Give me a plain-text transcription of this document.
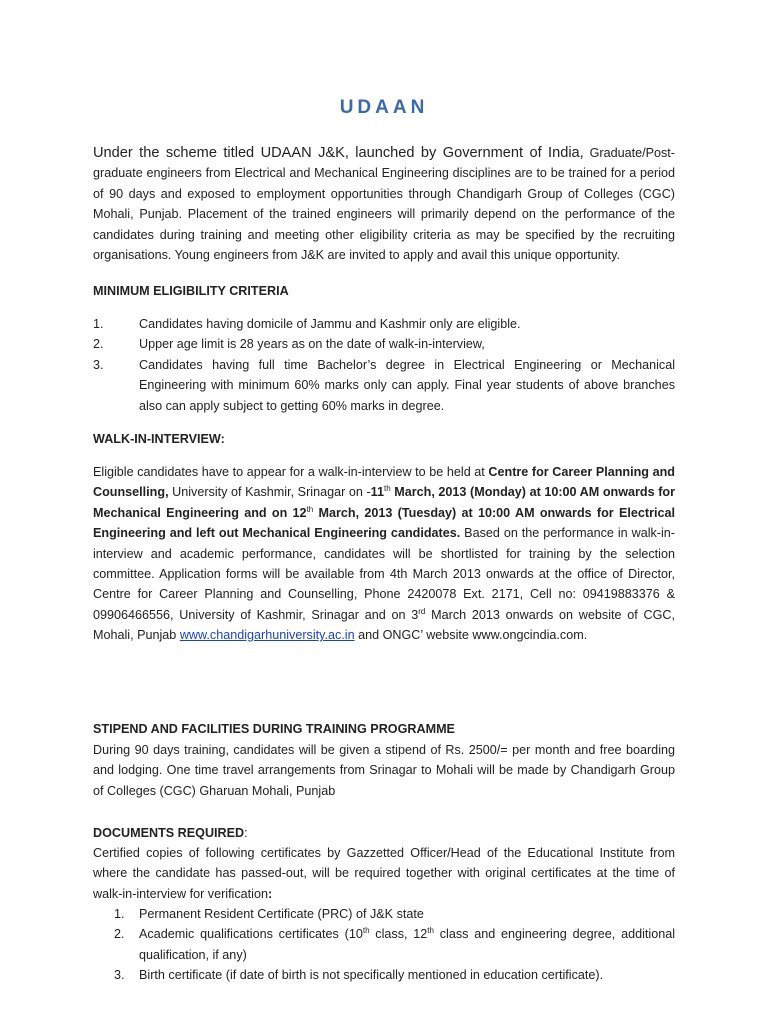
UDAAN

Under the scheme titled UDAAN J&K, launched by Government of India, Graduate/Post-graduate engineers from Electrical and Mechanical Engineering disciplines are to be trained for a period of 90 days and exposed to employment opportunities through Chandigarh Group of Colleges (CGC) Mohali, Punjab. Placement of the trained engineers will primarily depend on the performance of the candidates during training and meeting other eligibility criteria as may be specified by the recruiting organisations. Young engineers from J&K are invited to apply and avail this unique opportunity.

MINIMUM ELIGIBILITY CRITERIA

1.	Candidates having domicile of Jammu and Kashmir only are eligible.
2.	Upper age limit is 28 years as on the date of walk-in-interview,
3.	Candidates having full time Bachelor’s degree in Electrical Engineering or Mechanical Engineering with minimum 60% marks only can apply. Final year students of above branches also can apply subject to getting 60% marks in degree.

WALK-IN-INTERVIEW:

Eligible candidates have to appear for a walk-in-interview to be held at Centre for Career Planning and Counselling, University of Kashmir, Srinagar on -11th March, 2013 (Monday) at 10:00 AM onwards for Mechanical Engineering and on 12th March, 2013 (Tuesday) at 10:00 AM onwards for Electrical Engineering and left out Mechanical Engineering candidates. Based on the performance in walk-in-interview and academic performance, candidates will be shortlisted for training by the selection committee. Application forms will be available from 4th March 2013 onwards at the office of Director, Centre for Career Planning and Counselling, Phone 2420078 Ext. 2171, Cell no: 09419883376 & 09906466556, University of Kashmir, Srinagar and on 3rd March 2013 onwards on website of CGC, Mohali, Punjab www.chandigarhuniversity.ac.in and ONGC’ website www.ongcindia.com.

STIPEND AND FACILITIES DURING TRAINING PROGRAMME

During 90 days training, candidates will be given a stipend of Rs. 2500/= per month and free boarding and lodging. One time travel arrangements from Srinagar to Mohali will be made by Chandigarh Group of Colleges (CGC) Gharuan Mohali, Punjab

DOCUMENTS REQUIRED:

Certified copies of following certificates by Gazzetted Officer/Head of the Educational Institute from where the candidate has passed-out, will be required together with original certificates at the time of walk-in-interview for verification:

1. Permanent Resident Certificate (PRC) of J&K state
2. Academic qualifications certificates (10th class, 12th class and engineering degree, additional qualification, if any)
3. Birth certificate (if date of birth is not specifically mentioned in education certificate).
